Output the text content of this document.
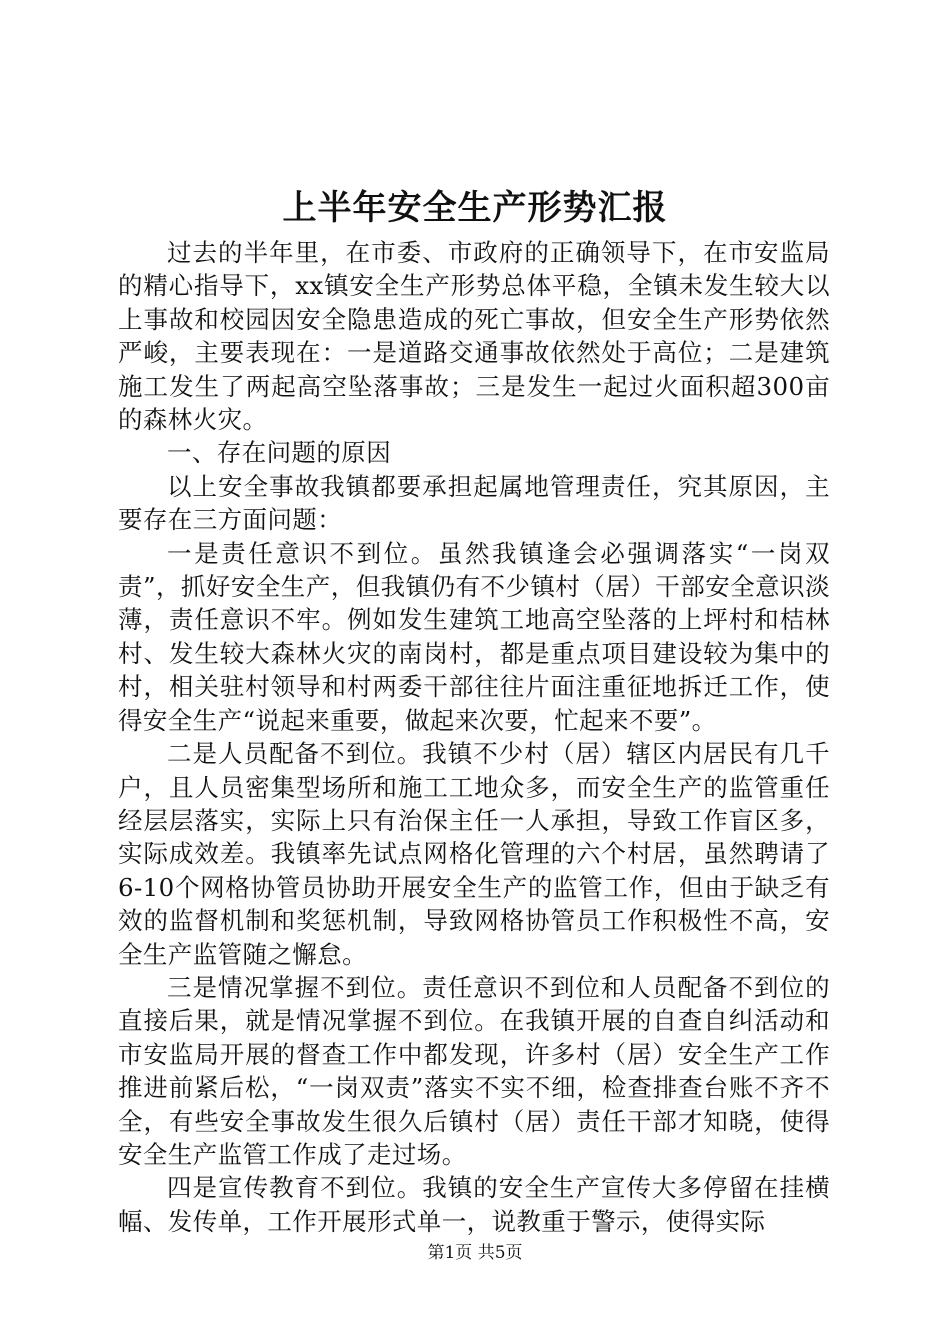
上半年安全生产形势汇报

过去的半年里，在市委、市政府的正确领导下，在市安监局的精心指导下，xx镇安全生产形势总体平稳，全镇未发生较大以上事故和校园因安全隐患造成的死亡事故，但安全生产形势依然严峻，主要表现在：一是道路交通事故依然处于高位；二是建筑施工发生了两起高空坠落事故；三是发生一起过火面积超300亩的森林火灾。

一、存在问题的原因

以上安全事故我镇都要承担起属地管理责任，究其原因，主要存在三方面问题：

一是责任意识不到位。虽然我镇逢会必强调落实“一岗双责”，抓好安全生产，但我镇仍有不少镇村（居）干部安全意识淡薄，责任意识不牢。例如发生建筑工地高空坠落的上坪村和桔林村、发生较大森林火灾的南岗村，都是重点项目建设较为集中的村，相关驻村领导和村两委干部往往片面注重征地拆迁工作，使得安全生产“说起来重要，做起来次要，忙起来不要”。

二是人员配备不到位。我镇不少村（居）辖区内居民有几千户，且人员密集型场所和施工工地众多，而安全生产的监管重任经层层落实，实际上只有治保主任一人承担，导致工作盲区多，实际成效差。我镇率先试点网格化管理的六个村居，虽然聘请了6-10个网格协管员协助开展安全生产的监管工作，但由于缺乏有效的监督机制和奖惩机制，导致网格协管员工作积极性不高，安全生产监管随之懈怠。

三是情况掌握不到位。责任意识不到位和人员配备不到位的直接后果，就是情况掌握不到位。在我镇开展的自查自纠活动和市安监局开展的督查工作中都发现，许多村（居）安全生产工作推进前紧后松，“一岗双责”落实不实不细，检查排查台账不齐不全，有些安全事故发生很久后镇村（居）责任干部才知晓，使得安全生产监管工作成了走过场。

四是宣传教育不到位。我镇的安全生产宣传大多停留在挂横幅、发传单，工作开展形式单一，说教重于警示，使得实际

第1页 共5页
